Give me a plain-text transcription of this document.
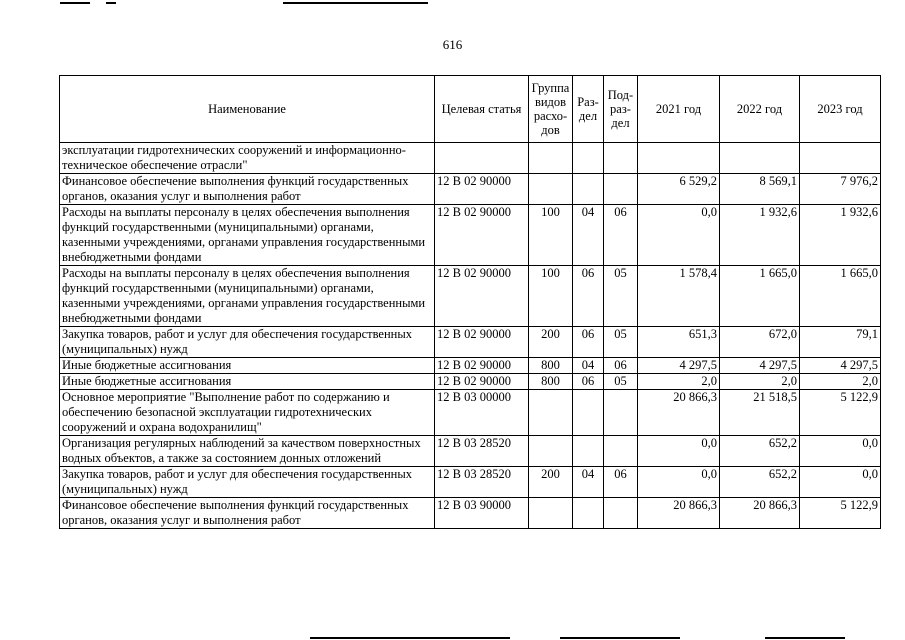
616
Наименование	Целевая статья	Группа видов расхо-дов	Раз-дел	Под-раз-дел	2021 год	2022 год	2023 год
эксплуатации гидротехнических сооружений и информационно-техническое обеспечение отрасли"							
Финансовое обеспечение выполнения функций государственных органов, оказания услуг и выполнения работ	12 В 02 90000				6 529,2	8 569,1	7 976,2
Расходы на выплаты персоналу в целях обеспечения выполнения функций государственными (муниципальными) органами, казенными учреждениями, органами управления государственными внебюджетными фондами	12 В 02 90000	100	04	06	0,0	1 932,6	1 932,6
Расходы на выплаты персоналу в целях обеспечения выполнения функций государственными (муниципальными) органами, казенными учреждениями, органами управления государственными внебюджетными фондами	12 В 02 90000	100	06	05	1 578,4	1 665,0	1 665,0
Закупка товаров, работ и услуг для обеспечения государственных (муниципальных) нужд	12 В 02 90000	200	06	05	651,3	672,0	79,1
Иные бюджетные ассигнования	12 В 02 90000	800	04	06	4 297,5	4 297,5	4 297,5
Иные бюджетные ассигнования	12 В 02 90000	800	06	05	2,0	2,0	2,0
Основное мероприятие "Выполнение работ по содержанию и обеспечению безопасной эксплуатации гидротехнических сооружений и охрана водохранилищ"	12 В 03 00000				20 866,3	21 518,5	5 122,9
Организация регулярных наблюдений за качеством поверхностных водных объектов, а также за состоянием донных отложений	12 В 03 28520				0,0	652,2	0,0
Закупка товаров, работ и услуг для обеспечения государственных (муниципальных) нужд	12 В 03 28520	200	04	06	0,0	652,2	0,0
Финансовое обеспечение выполнения функций государственных органов, оказания услуг и выполнения работ	12 В 03 90000				20 866,3	20 866,3	5 122,9
